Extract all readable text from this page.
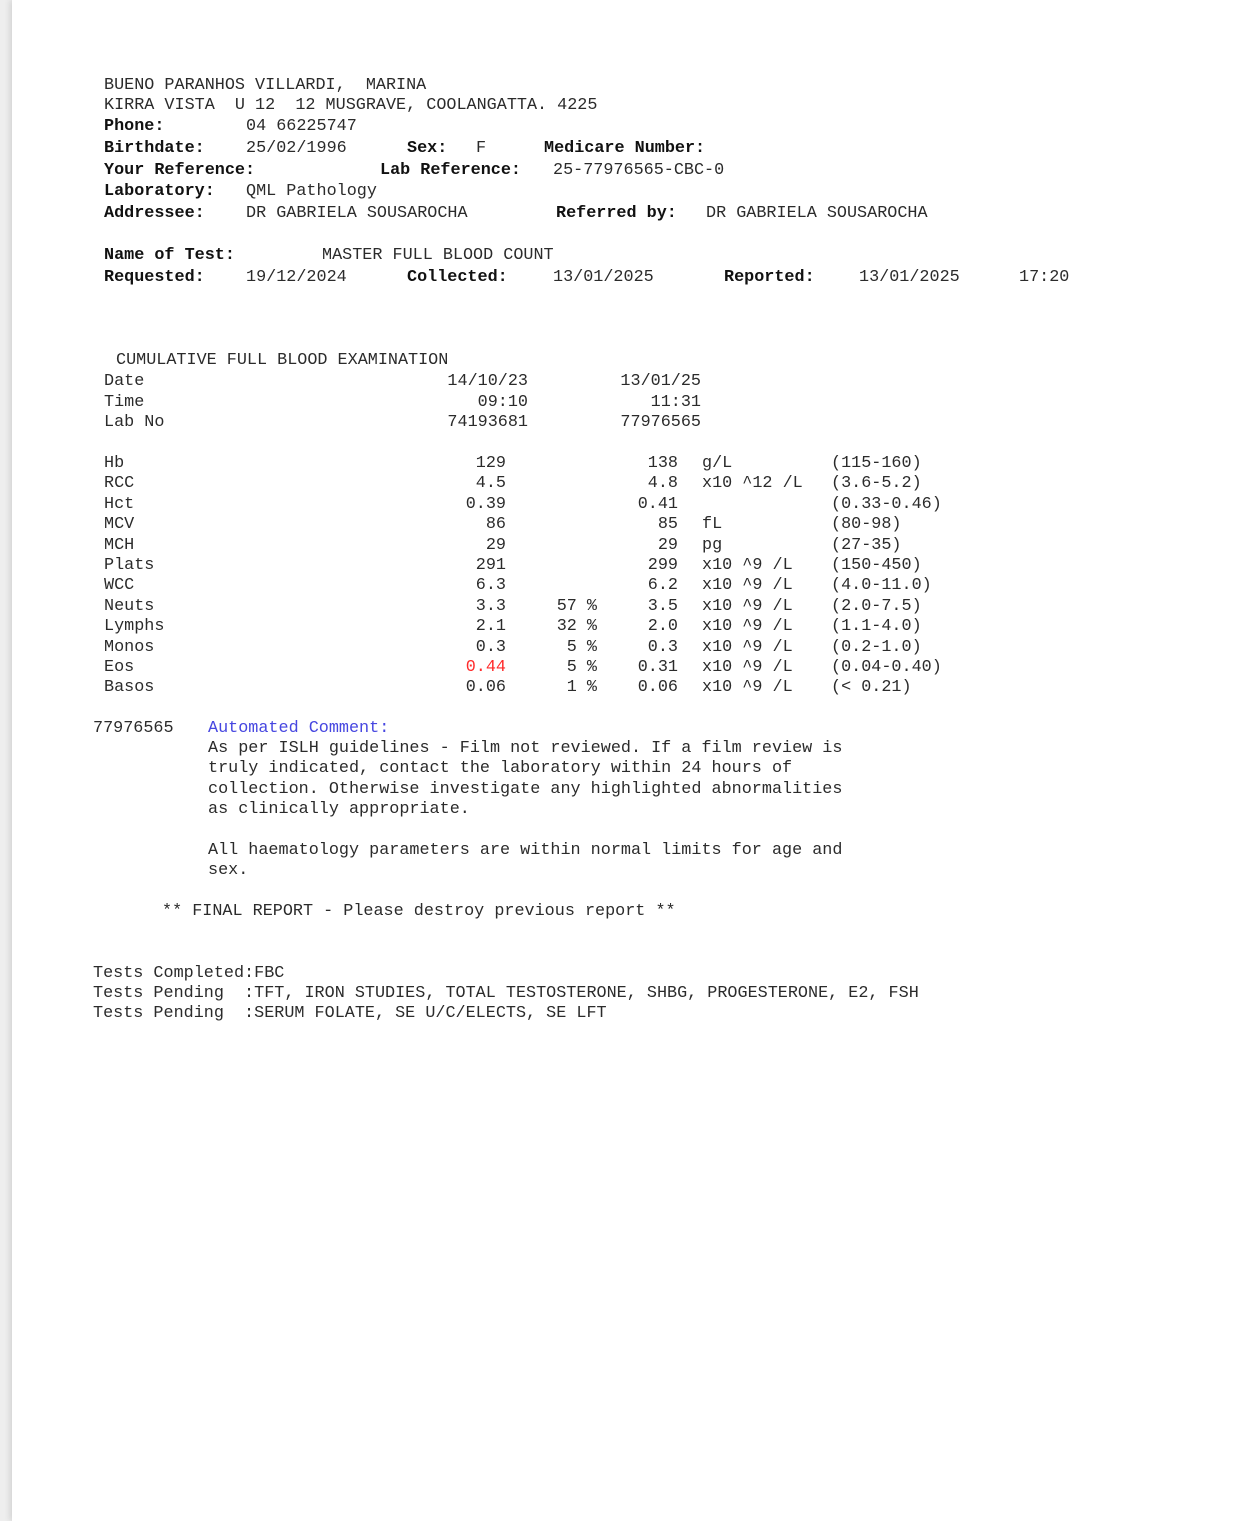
BUENO PARANHOS VILLARDI,  MARINA
KIRRA VISTA  U 12  12 MUSGRAVE, COOLANGATTA. 4225
Phone:	04 66225747
Birthdate: 25/02/1996	Sex: F	Medicare Number:
Your Reference:	Lab Reference: 25-77976565-CBC-0
Laboratory: QML Pathology
Addressee: DR GABRIELA SOUSAROCHA	Referred by: DR GABRIELA SOUSAROCHA
Name of Test:	MASTER FULL BLOOD COUNT
Requested: 19/12/2024	Collected:	13/01/2025	Reported:	13/01/2025	17:20
CUMULATIVE FULL BLOOD EXAMINATION
Date	14/10/23	13/01/25
Time	09:10	11:31
Lab No	74193681	77976565
Hb	129	138 g/L	(115-160)
RCC	4.5	4.8 x10 ^12 /L (3.6-5.2)
Hct	0.39	0.41	(0.33-0.46)
MCV	86	85 fL	(80-98)
MCH	29	29 pg	(27-35)
Plats	291	299 x10 ^9 /L (150-450)
WCC	6.3	6.2 x10 ^9 /L (4.0-11.0)
Neuts	3.3	57 %	3.5 x10 ^9 /L (2.0-7.5)
Lymphs	2.1	32 %	2.0 x10 ^9 /L (1.1-4.0)
Monos	0.3	5 %	0.3 x10 ^9 /L (0.2-1.0)
Eos	0.44	5 %	0.31 x10 ^9 /L (0.04-0.40)
Basos	0.06	1 %	0.06 x10 ^9 /L (< 0.21)
77976565 Automated Comment:
As per ISLH guidelines - Film not reviewed. If a film review is
truly indicated, contact the laboratory within 24 hours of
collection. Otherwise investigate any highlighted abnormalities
as clinically appropriate.
All haematology parameters are within normal limits for age and
sex.
** FINAL REPORT - Please destroy previous report **
Tests Completed:FBC
Tests Pending  :TFT, IRON STUDIES, TOTAL TESTOSTERONE, SHBG, PROGESTERONE, E2, FSH
Tests Pending  :SERUM FOLATE, SE U/C/ELECTS, SE LFT
